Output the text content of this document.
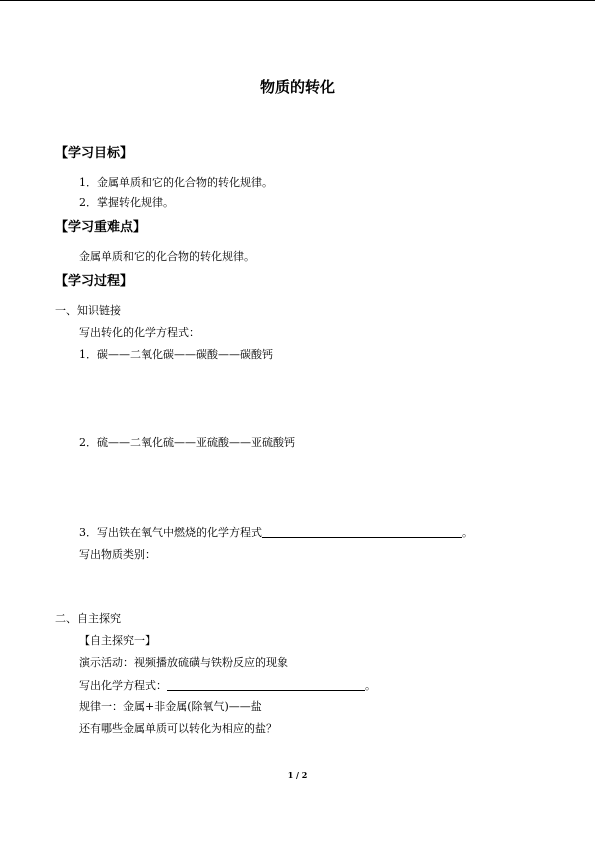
物质的转化
【学习目标】
1．金属单质和它的化合物的转化规律。
2．掌握转化规律。
【学习重难点】
金属单质和它的化合物的转化规律。
【学习过程】
一、知识链接
写出转化的化学方程式：
1．碳——二氧化碳——碳酸——碳酸钙
2．硫——二氧化硫——亚硫酸——亚硫酸钙
3．写出铁在氧气中燃烧的化学方程式	。
写出物质类别：
二、自主探究
【自主探究一】
演示活动：视频播放硫磺与铁粉反应的现象
写出化学方程式：	。
规律一：金属+非金属(除氧气)——盐
还有哪些金属单质可以转化为相应的盐？
1 / 2
